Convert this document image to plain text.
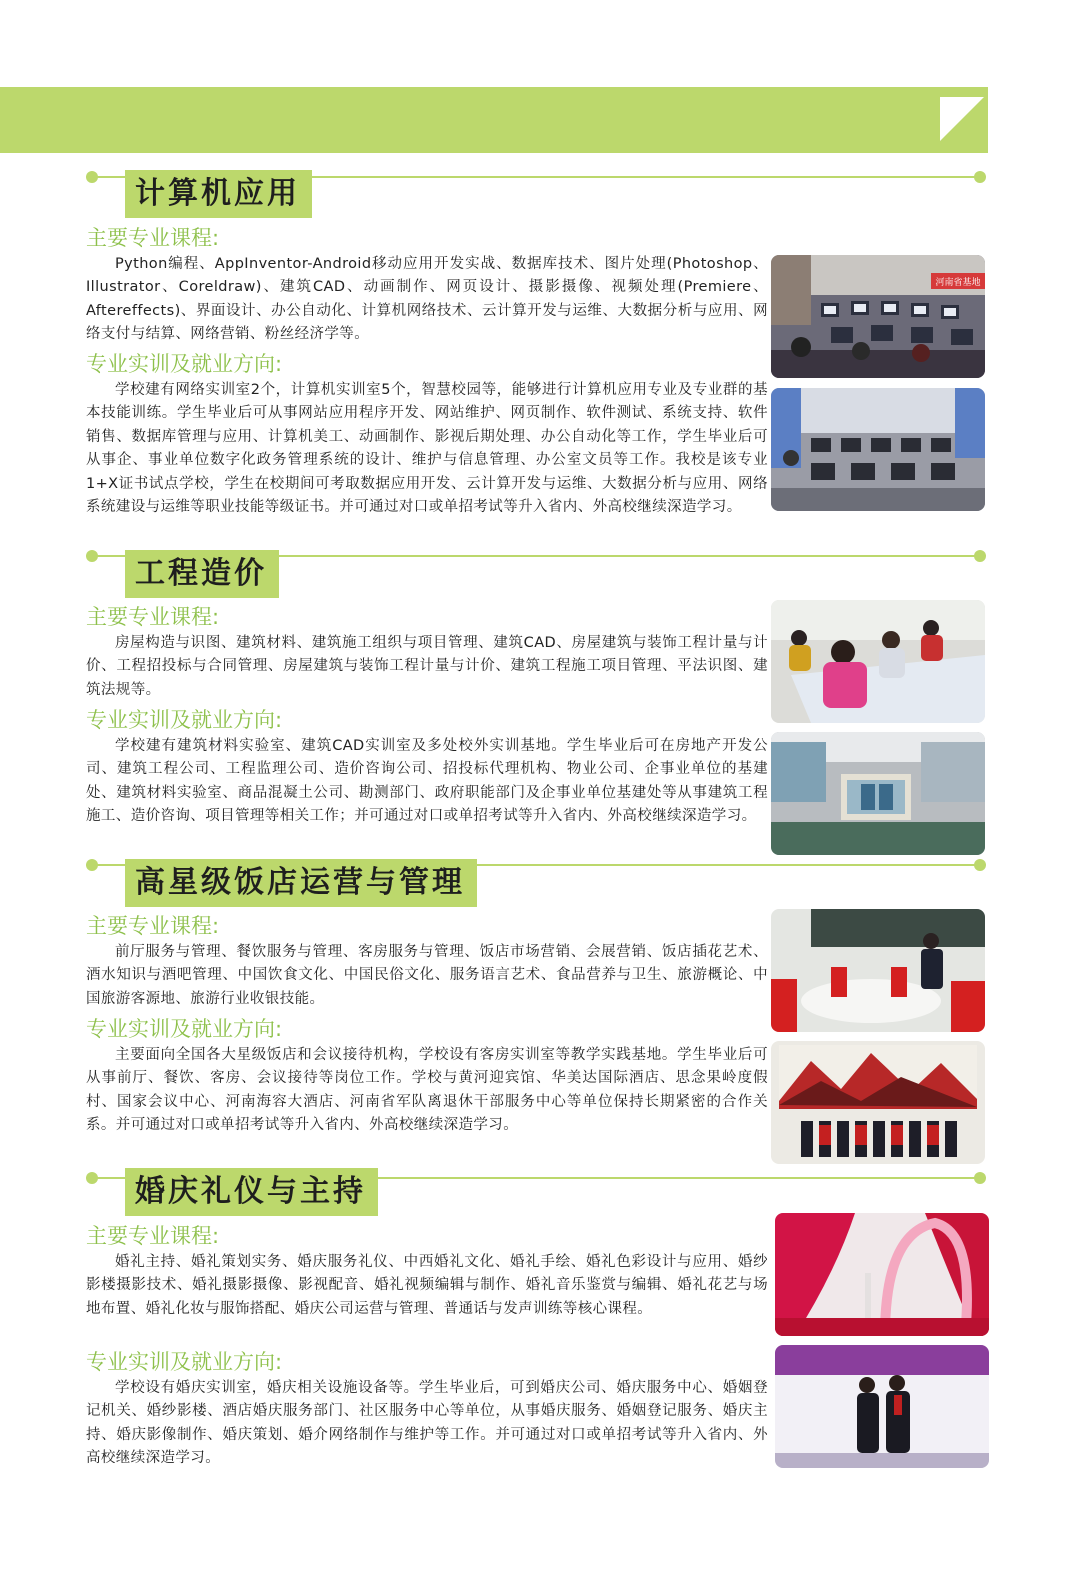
计算机应用
主要专业课程:

Python编程、AppInventor-Android移动应用开发实战、数据库技术、图片处理(Photoshop、Illustrator、Coreldraw)、建筑CAD、动画制作、网页设计、摄影摄像、视频处理(Premiere、Aftereffects)、界面设计、办公自动化、计算机网络技术、云计算开发与运维、大数据分析与应用、网络支付与结算、网络营销、粉丝经济学等。

专业实训及就业方向:

学校建有网络实训室2个，计算机实训室5个，智慧校园等，能够进行计算机应用专业及专业群的基本技能训练。学生毕业后可从事网站应用程序开发、网站维护、网页制作、软件测试、系统支持、软件销售、数据库管理与应用、计算机美工、动画制作、影视后期处理、办公自动化等工作，学生毕业后可从事企、事业单位数字化政务管理系统的设计、维护与信息管理、办公室文员等工作。我校是该专业1+X证书试点学校，学生在校期间可考取数据应用开发、云计算开发与运维、大数据分析与应用、网络系统建设与运维等职业技能等级证书。并可通过对口或单招考试等升入省内、外高校继续深造学习。

河南省基地
工程造价
主要专业课程:

房屋构造与识图、建筑材料、建筑施工组织与项目管理、建筑CAD、房屋建筑与装饰工程计量与计价、工程招投标与合同管理、房屋建筑与装饰工程计量与计价、建筑工程施工项目管理、平法识图、建筑法规等。

专业实训及就业方向:

学校建有建筑材料实验室、建筑CAD实训室及多处校外实训基地。学生毕业后可在房地产开发公司、建筑工程公司、工程监理公司、造价咨询公司、招投标代理机构、物业公司、企事业单位的基建处、建筑材料实验室、商品混凝土公司、勘测部门、政府职能部门及企事业单位基建处等从事建筑工程施工、造价咨询、项目管理等相关工作；并可通过对口或单招考试等升入省内、外高校继续深造学习。

高星级饭店运营与管理
主要专业课程:

前厅服务与管理、餐饮服务与管理、客房服务与管理、饭店市场营销、会展营销、饭店插花艺术、酒水知识与酒吧管理、中国饮食文化、中国民俗文化、服务语言艺术、食品营养与卫生、旅游概论、中国旅游客源地、旅游行业收银技能。

专业实训及就业方向:

主要面向全国各大星级饭店和会议接待机构，学校设有客房实训室等教学实践基地。学生毕业后可从事前厅、餐饮、客房、会议接待等岗位工作。学校与黄河迎宾馆、华美达国际酒店、思念果岭度假村、国家会议中心、河南海容大酒店、河南省军队离退休干部服务中心等单位保持长期紧密的合作关系。并可通过对口或单招考试等升入省内、外高校继续深造学习。

婚庆礼仪与主持
主要专业课程:

婚礼主持、婚礼策划实务、婚庆服务礼仪、中西婚礼文化、婚礼手绘、婚礼色彩设计与应用、婚纱影楼摄影技术、婚礼摄影摄像、影视配音、婚礼视频编辑与制作、婚礼音乐鉴赏与编辑、婚礼花艺与场地布置、婚礼化妆与服饰搭配、婚庆公司运营与管理、普通话与发声训练等核心课程。

专业实训及就业方向:

学校设有婚庆实训室，婚庆相关设施设备等。学生毕业后，可到婚庆公司、婚庆服务中心、婚姻登记机关、婚纱影楼、酒店婚庆服务部门、社区服务中心等单位，从事婚庆服务、婚姻登记服务、婚庆主持、婚庆影像制作、婚庆策划、婚介网络制作与维护等工作。并可通过对口或单招考试等升入省内、外高校继续深造学习。
